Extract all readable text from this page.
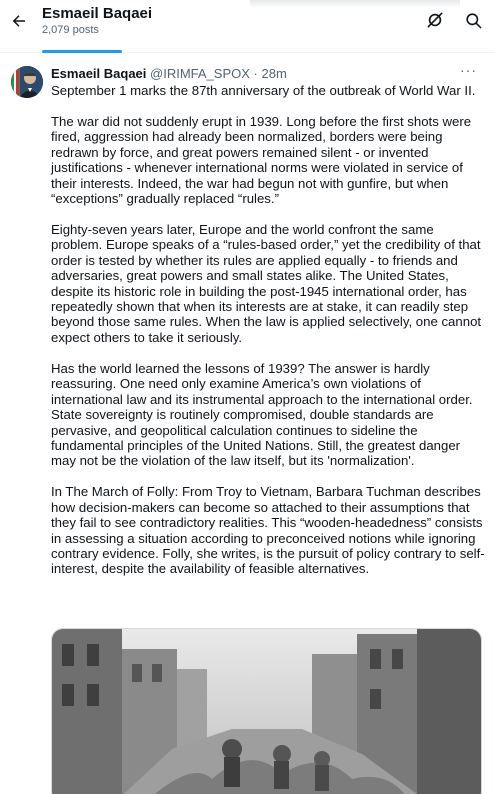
Esmaeil Baqaei
2,079 posts
Esmaeil Baqaei @IRIMFA_SPOX · 28m	···

September 1 marks the 87th anniversary of the outbreak of World War II.

The war did not suddenly erupt in 1939. Long before the first shots were fired, aggression had already been normalized, borders were being redrawn by force, and great powers remained silent - or invented justifications - whenever international norms were violated in service of their interests. Indeed, the war had begun not with gunfire, but when “exceptions” gradually replaced “rules.”

Eighty-seven years later, Europe and the world confront the same problem. Europe speaks of a “rules-based order,” yet the credibility of that order is tested by whether its rules are applied equally - to friends and adversaries, great powers and small states alike. The United States, despite its historic role in building the post-1945 international order, has repeatedly shown that when its interests are at stake, it can readily step beyond those same rules. When the law is applied selectively, one cannot expect others to take it seriously.

Has the world learned the lessons of 1939? The answer is hardly reassuring. One need only examine America’s own violations of international law and its instrumental approach to the international order. State sovereignty is routinely compromised, double standards are pervasive, and geopolitical calculation continues to sideline the fundamental principles of the United Nations. Still, the greatest danger may not be the violation of the law itself, but its 'normalization'.

In The March of Folly: From Troy to Vietnam, Barbara Tuchman describes how decision-makers can become so attached to their assumptions that they fail to see contradictory realities. This “wooden-headedness” consists in assessing a situation according to preconceived notions while ignoring contrary evidence. Folly, she writes, is the pursuit of policy contrary to self-interest, despite the availability of feasible alternatives.
